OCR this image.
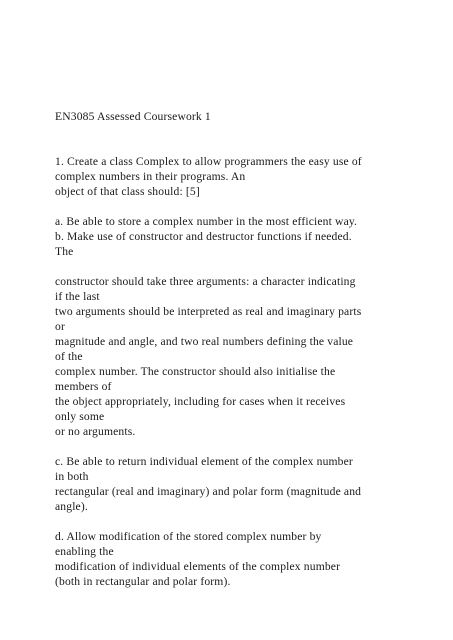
EN3085 Assessed Coursework 1
1. Create a class Complex to allow programmers the easy use of
complex numbers in their programs. An
object of that class should: [5]
a. Be able to store a complex number in the most efficient way.
b. Make use of constructor and destructor functions if needed.
The
constructor should take three arguments: a character indicating
if the last
two arguments should be interpreted as real and imaginary parts
or
magnitude and angle, and two real numbers defining the value
of the
complex number. The constructor should also initialise the
members of
the object appropriately, including for cases when it receives
only some
or no arguments.
c. Be able to return individual element of the complex number
in both
rectangular (real and imaginary) and polar form (magnitude and
angle).
d. Allow modification of the stored complex number by
enabling the
modification of individual elements of the complex number
(both in rectangular and polar form).
